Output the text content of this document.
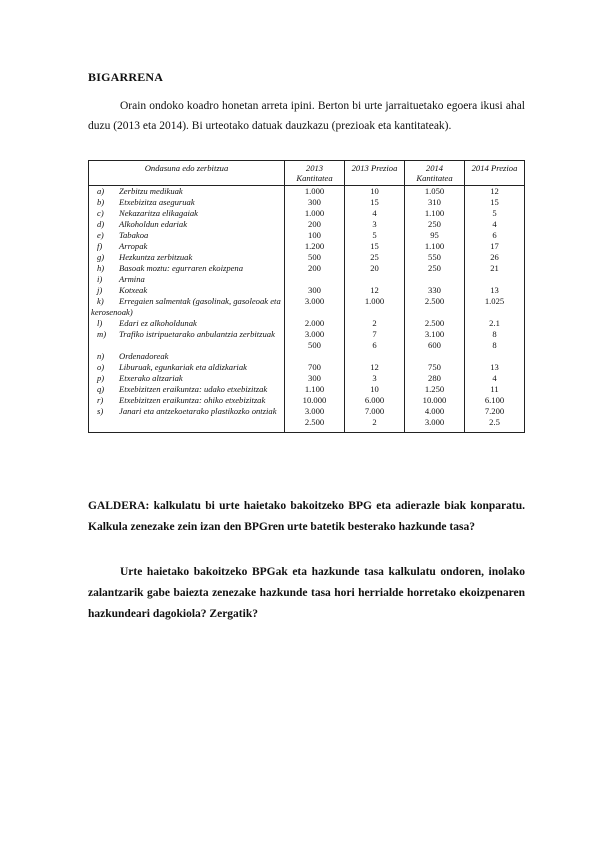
BIGARRENA

Orain ondoko koadro honetan arreta ipini. Berton bi urte jarraituetako egoera ikusi ahal duzu (2013 eta 2014). Bi urteotako datuak dauzkazu (prezioak eta kantitateak).

Ondasuna edo zerbitzua	2013 Kantitatea	2013 Prezioa	2014 Kantitatea	2014 Prezioa
a) Zerbitzu medikuak	1.000	10	1.050	12
b) Etxebizitza aseguruak	300	15	310	15
c) Nekazaritza elikagaiak	1.000	4	1.100	5
d) Alkoholdun edariak	200	3	250	4
e) Tabakoa	100	5	95	6
f) Arropak	1.200	15	1.100	17
g) Hezkuntza zerbitzuak	500	25	550	26
h) Basoak moztu: egurraren ekoizpena	200	20	250	21
i) Armina				
j) Kotxeak	300	12	330	13
k) Erregaien salmentak (gasolinak, gasoleoak eta kerosenoak)	3.000	1.000	2.500	1.025
l) Edari ez alkoholdunak	2.000	2	2.500	2.1
m) Trafiko istripuetarako anbulantzia zerbitzuak	3.000	7	3.100	8
	500	6	600	8
n) Ordenadoreak				
o) Liburuak, egunkariak eta aldizkariak	700	12	750	13
p) Etxerako altzariak	300	3	280	4
q) Etxebizitzen eraikuntza: udako etxebizitzak	1.100	10	1.250	11
r) Etxebizitzen eraikuntza: ohiko etxebizitzak	10.000	6.000	10.000	6.100
s) Janari eta antzekoetarako plastikozko ontziak	3.000	7.000	4.000	7.200
	2.500	2	3.000	2.5

GALDERA: kalkulatu bi urte haietako bakoitzeko BPG eta adierazle biak konparatu. Kalkula zenezake zein izan den BPGren urte batetik besterako hazkunde tasa?

Urte haietako bakoitzeko BPGak eta hazkunde tasa kalkulatu ondoren, inolako zalantzarik gabe baiezta zenezake hazkunde tasa hori herrialde horretako ekoizpenaren hazkundeari dagokiola? Zergatik?
